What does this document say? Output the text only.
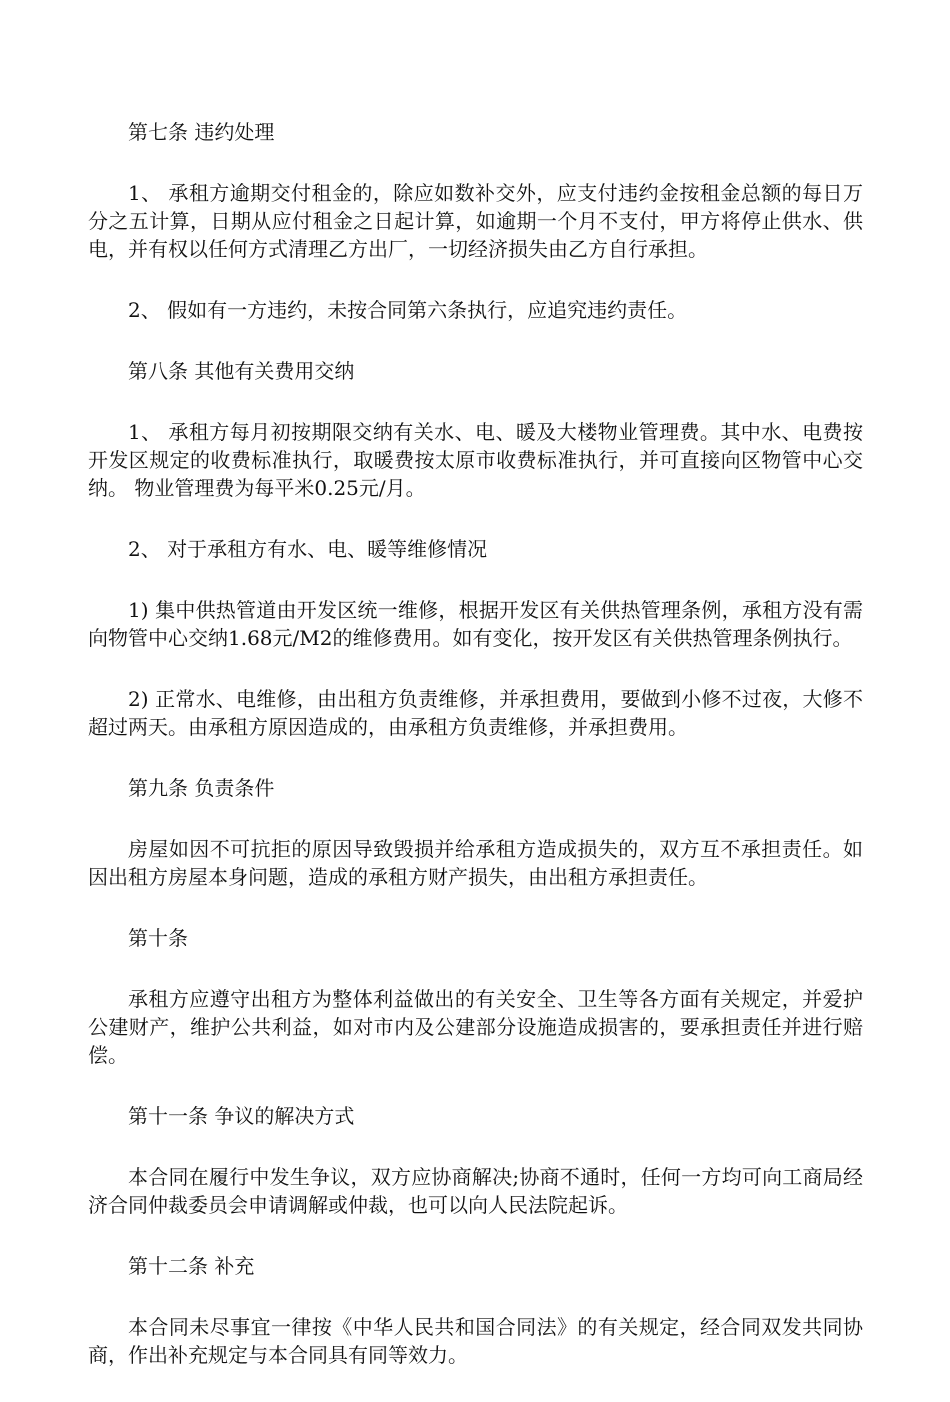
第七条 违约处理

1、 承租方逾期交付租金的，除应如数补交外，应支付违约金按租金总额的每日万分之五计算，日期从应付租金之日起计算，如逾期一个月不支付，甲方将停止供水、供电，并有权以任何方式清理乙方出厂，一切经济损失由乙方自行承担。

2、 假如有一方违约，未按合同第六条执行，应追究违约责任。

第八条 其他有关费用交纳

1、 承租方每月初按期限交纳有关水、电、暖及大楼物业管理费。其中水、电费按开发区规定的收费标准执行，取暖费按太原市收费标准执行，并可直接向区物管中心交纳。 物业管理费为每平米0.25元/月。

2、 对于承租方有水、电、暖等维修情况

1) 集中供热管道由开发区统一维修，根据开发区有关供热管理条例，承租方没有需向物管中心交纳1.68元/M2的维修费用。如有变化，按开发区有关供热管理条例执行。

2) 正常水、电维修，由出租方负责维修，并承担费用，要做到小修不过夜，大修不超过两天。由承租方原因造成的，由承租方负责维修，并承担费用。

第九条 负责条件

房屋如因不可抗拒的原因导致毁损并给承租方造成损失的，双方互不承担责任。如因出租方房屋本身问题，造成的承租方财产损失，由出租方承担责任。

第十条

承租方应遵守出租方为整体利益做出的有关安全、卫生等各方面有关规定，并爱护公建财产，维护公共利益，如对市内及公建部分设施造成损害的，要承担责任并进行赔偿。

第十一条 争议的解决方式

本合同在履行中发生争议，双方应协商解决;协商不通时，任何一方均可向工商局经济合同仲裁委员会申请调解或仲裁，也可以向人民法院起诉。

第十二条 补充

本合同未尽事宜一律按《中华人民共和国合同法》的有关规定，经合同双发共同协商，作出补充规定与本合同具有同等效力。
